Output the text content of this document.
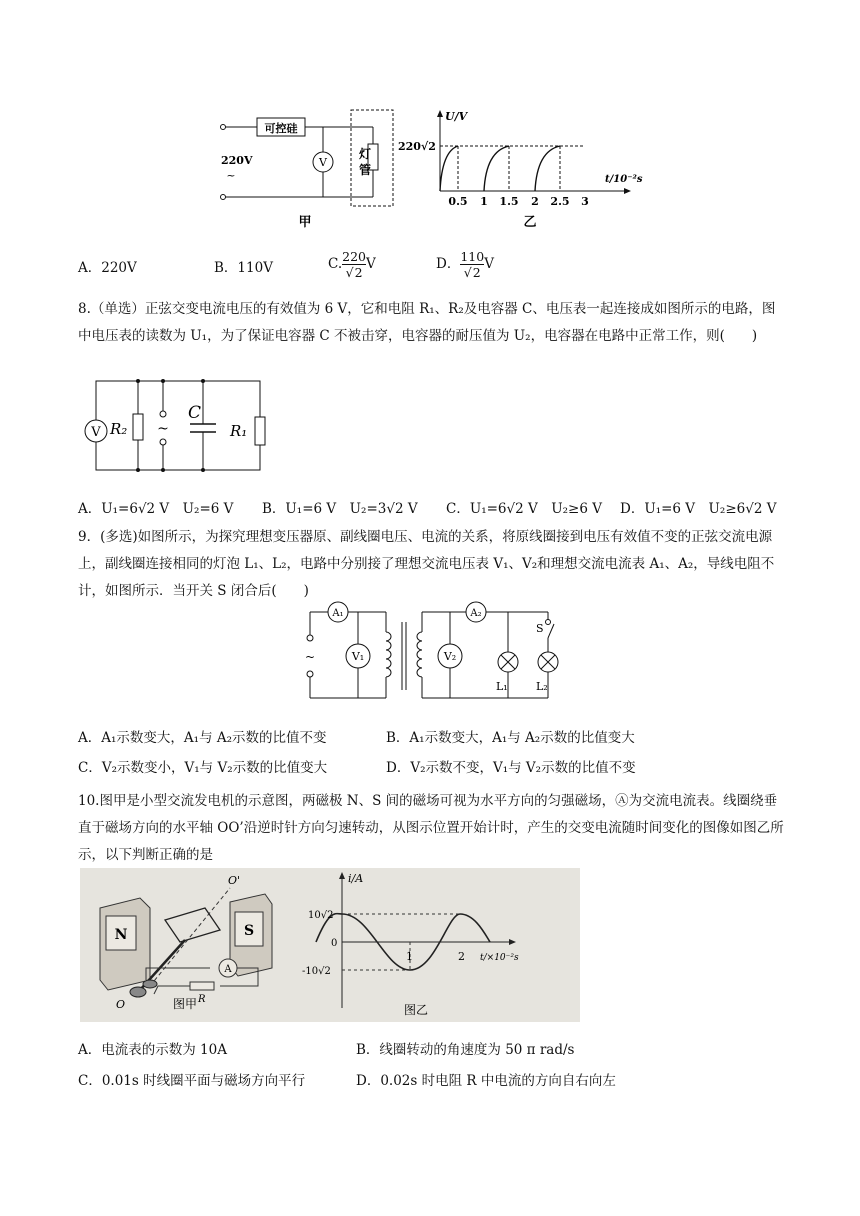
可控硅
220V
~
V
灯
管
甲
U/V
220√2
t/10⁻²s
0.5 1 1.5 2 2.5 3
乙
A．220V	B．110V	C. $\frac{220}{√2}$ V	D． $\frac{110}{√2}$ V
8.（单选）正弦交变电流电压的有效值为 6 V，它和电阻 R₁、R₂及电容器 C、电压表一起连接成如图所示的电路，图中电压表的读数为 U₁，为了保证电容器 C 不被击穿，电容器的耐压值为 U₂，电容器在电路中正常工作，则(　　)
V R₂ ~
C
R₁
A．U₁=6√2 V　U₂=6 V B．U₁=6 V　U₂=3√2 V C．U₁=6√2 V　U₂≥6 V D．U₁=6 V　U₂≥6√2 V
9．(多选)如图所示，为探究理想变压器原、副线圈电压、电流的关系，将原线圈接到电压有效值不变的正弦交流电源上，副线圈连接相同的灯泡 L₁、L₂，电路中分别接了理想交流电压表 V₁、V₂和理想交流电流表 A₁、A₂，导线电阻不计，如图所示．当开关 S 闭合后(　　)
A₁	A₂
V₁	V₂
L₁	L₂
S
~
A．A₁示数变大，A₁与 A₂示数的比值不变	B．A₁示数变大，A₁与 A₂示数的比值变大
C．V₂示数变小，V₁与 V₂示数的比值变大	D．V₂示数不变，V₁与 V₂示数的比值不变
10.图甲是小型交流发电机的示意图，两磁极 N、S 间的磁场可视为水平方向的匀强磁场，Ⓐ为交流电流表。线圈绕垂直于磁场方向的水平轴 OO’沿逆时针方向匀速转动，从图示位置开始计时，产生的交变电流随时间变化的图像如图乙所示，以下判断正确的是
N	S
O'
O
A
R
图甲
i/A
10√2
-10√2
0
1	2 t/×10⁻²s
图乙
A．电流表的示数为 10A	B．线圈转动的角速度为 50 π rad/s
C．0.01s 时线圈平面与磁场方向平行	D．0.02s 时电阻 R 中电流的方向自右向左
